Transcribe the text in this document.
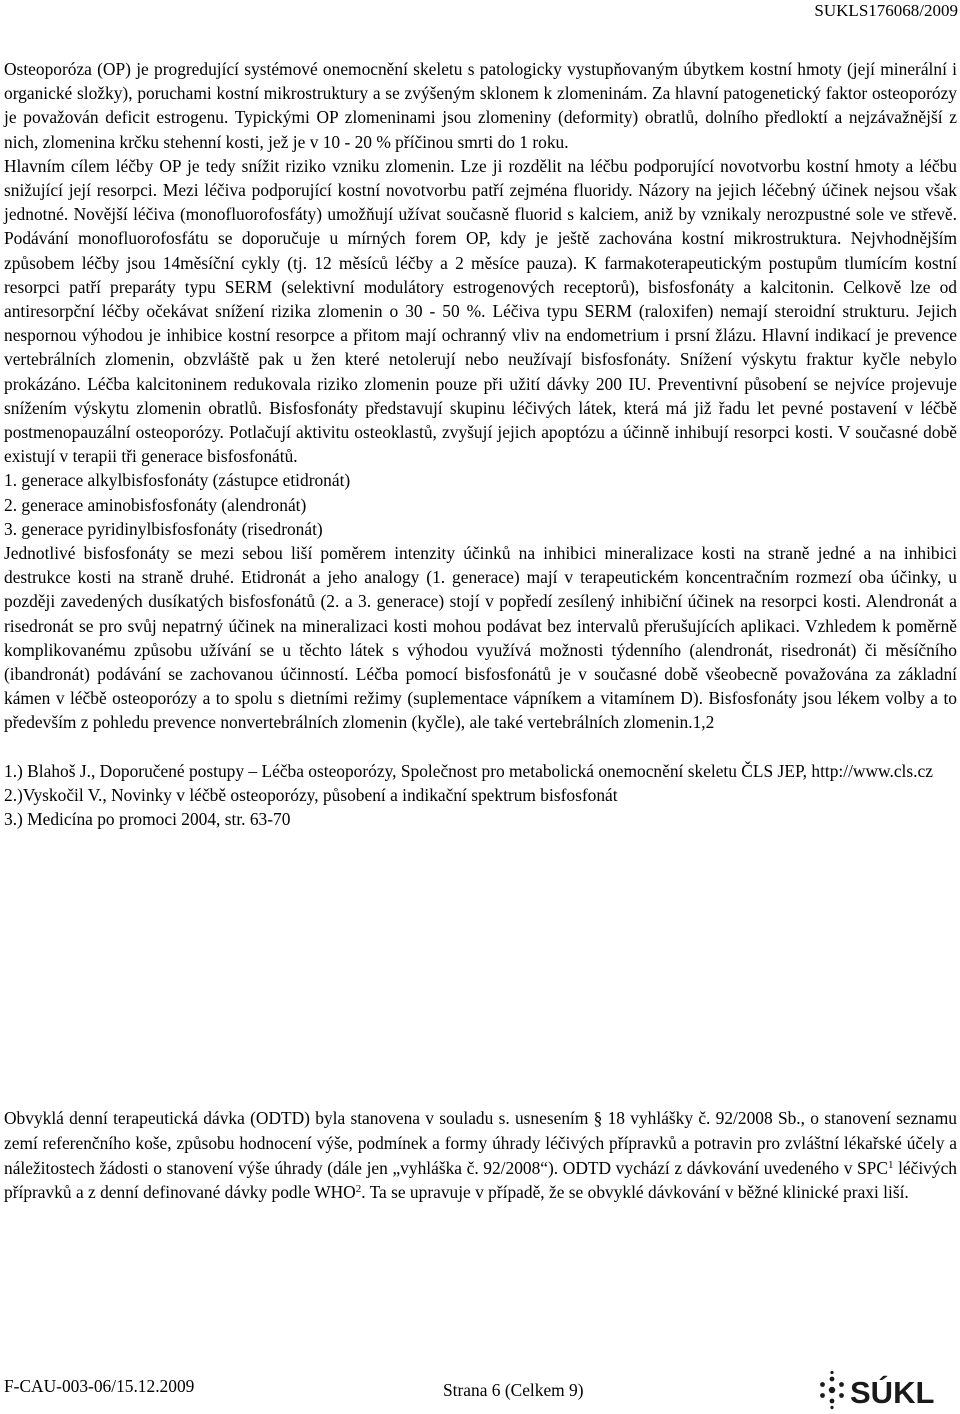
SUKLS176068/2009

Osteoporóza (OP) je progredující systémové onemocnění skeletu s patologicky vystupňovaným úbytkem kostní hmoty (její minerální i organické složky), poruchami kostní mikrostruktury a se zvýšeným sklonem k zlomeninám. Za hlavní patogenetický faktor osteoporózy je považován deficit estrogenu. Typickými OP zlomeninami jsou zlomeniny (deformity) obratlů, dolního předloktí a nejzávažnější z nich, zlomenina krčku stehenní kosti, jež je v 10 - 20 % příčinou smrti do 1 roku.

Hlavním cílem léčby OP je tedy snížit riziko vzniku zlomenin. Lze ji rozdělit na léčbu podporující novotvorbu kostní hmoty a léčbu snižující její resorpci. Mezi léčiva podporující kostní novotvorbu patří zejména fluoridy. Názory na jejich léčebný účinek nejsou však jednotné. Novější léčiva (monofluorofosfáty) umožňují užívat současně fluorid s kalciem, aniž by vznikaly nerozpustné sole ve střevě. Podávání monofluorofosfátu se doporučuje u mírných forem OP, kdy je ještě zachována kostní mikrostruktura. Nejvhodnějším způsobem léčby jsou 14měsíční cykly (tj. 12 měsíců léčby a 2 měsíce pauza). K farmakoterapeutickým postupům tlumícím kostní resorpci patří preparáty typu SERM (selektivní modulátory estrogenových receptorů), bisfosfonáty a kalcitonin. Celkově lze od antiresorpční léčby očekávat snížení rizika zlomenin o 30 - 50 %. Léčiva typu SERM (raloxifen) nemají steroidní strukturu. Jejich nespornou výhodou je inhibice kostní resorpce a přitom mají ochranný vliv na endometrium i prsní žlázu. Hlavní indikací je prevence vertebrálních zlomenin, obzvláště pak u žen které netolerují nebo neužívají bisfosfonáty. Snížení výskytu fraktur kyčle nebylo prokázáno. Léčba kalcitoninem redukovala riziko zlomenin pouze při užití dávky 200 IU. Preventivní působení se nejvíce projevuje snížením výskytu zlomenin obratlů. Bisfosfonáty představují skupinu léčivých látek, která má již řadu let pevné postavení v léčbě postmenopauzální osteoporózy. Potlačují aktivitu osteoklastů, zvyšují jejich apoptózu a účinně inhibují resorpci kosti. V současné době existují v terapii tři generace bisfosfonátů.

1. generace alkylbisfosfonáty (zástupce etidronát)

2. generace aminobisfosfonáty (alendronát)

3. generace pyridinylbisfosfonáty (risedronát)

Jednotlivé bisfosfonáty se mezi sebou liší poměrem intenzity účinků na inhibici mineralizace kosti na straně jedné a na inhibici destrukce kosti na straně druhé. Etidronát a jeho analogy (1. generace) mají v terapeutickém koncentračním rozmezí oba účinky, u později zavedených dusíkatých bisfosfonátů (2. a 3. generace) stojí v popředí zesílený inhibiční účinek na resorpci kosti. Alendronát a risedronát se pro svůj nepatrný účinek na mineralizaci kosti mohou podávat bez intervalů přerušujících aplikaci. Vzhledem k poměrně komplikovanému způsobu užívání se u těchto látek s výhodou využívá možnosti týdenního (alendronát, risedronát) či měsíčního (ibandronát) podávání se zachovanou účinností. Léčba pomocí bisfosfonátů je v současné době všeobecně považována za základní kámen v léčbě osteoporózy a to spolu s dietními režimy (suplementace vápníkem a vitamínem D). Bisfosfonáty jsou lékem volby a to především z pohledu prevence nonvertebrálních zlomenin (kyčle), ale také vertebrálních zlomenin.1,2

1.) Blahoš J., Doporučené postupy – Léčba osteoporózy, Společnost pro metabolická onemocnění skeletu ČLS JEP, http://www.cls.cz

2.)Vyskočil V., Novinky v léčbě osteoporózy, působení a indikační spektrum bisfosfonát

3.) Medicína po promoci 2004, str. 63-70

Obvyklá denní terapeutická dávka (ODTD) byla stanovena v souladu s. usnesením § 18 vyhlášky č. 92/2008 Sb., o stanovení seznamu zemí referenčního koše, způsobu hodnocení výše, podmínek a formy úhrady léčivých přípravků a potravin pro zvláštní lékařské účely a náležitostech žádosti o stanovení výše úhrady (dále jen „vyhláška č. 92/2008“). ODTD vychází z dávkování uvedeného v SPC$^1$ léčivých přípravků a z denní definované dávky podle WHO$^2$. Ta se upravuje v případě, že se obvyklé dávkování v běžné klinické praxi liší.

F-CAU-003-06/15.12.2009	Strana 6 (Celkem 9)	SÚKL
